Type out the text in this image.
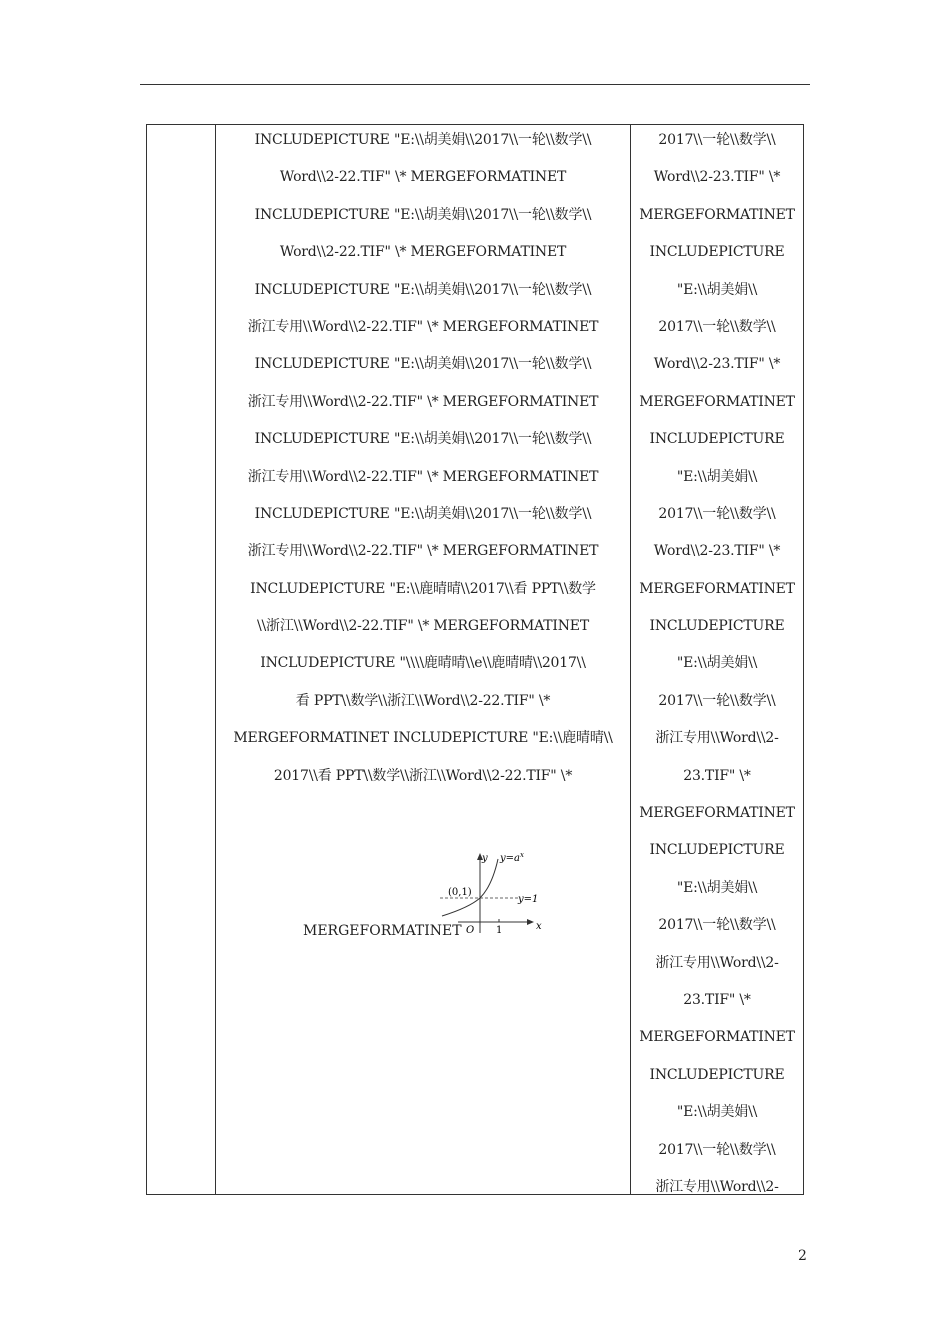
INCLUDEPICTURE "E:\\胡美娟\\2017\\一轮\\数学\\
Word\\2-22.TIF" \* MERGEFORMATINET
INCLUDEPICTURE "E:\\胡美娟\\2017\\一轮\\数学\\
Word\\2-22.TIF" \* MERGEFORMATINET
INCLUDEPICTURE "E:\\胡美娟\\2017\\一轮\\数学\\
浙江专用\\Word\\2-22.TIF" \* MERGEFORMATINET
INCLUDEPICTURE "E:\\胡美娟\\2017\\一轮\\数学\\
浙江专用\\Word\\2-22.TIF" \* MERGEFORMATINET
INCLUDEPICTURE "E:\\胡美娟\\2017\\一轮\\数学\\
浙江专用\\Word\\2-22.TIF" \* MERGEFORMATINET
INCLUDEPICTURE "E:\\胡美娟\\2017\\一轮\\数学\\
浙江专用\\Word\\2-22.TIF" \* MERGEFORMATINET
INCLUDEPICTURE "E:\\鹿晴晴\\2017\\看 PPT\\数学
\\浙江\\Word\\2-22.TIF" \* MERGEFORMATINET
INCLUDEPICTURE "\\\\鹿晴晴\\e\\鹿晴晴\\2017\\
看 PPT\\数学\\浙江\\Word\\2-22.TIF" \*
MERGEFORMATINET INCLUDEPICTURE "E:\\鹿晴晴\\
2017\\看 PPT\\数学\\浙江\\Word\\2-22.TIF" \*
MERGEFORMATINET
y $y=a^x$
(0,1)
y=1
O 1	x
2017\\一轮\\数学\\
Word\\2-23.TIF" \*
MERGEFORMATINET
INCLUDEPICTURE
"E:\\胡美娟\\
2017\\一轮\\数学\\
Word\\2-23.TIF" \*
MERGEFORMATINET
INCLUDEPICTURE
"E:\\胡美娟\\
2017\\一轮\\数学\\
Word\\2-23.TIF" \*
MERGEFORMATINET
INCLUDEPICTURE
"E:\\胡美娟\\
2017\\一轮\\数学\\
浙江专用\\Word\\2-
23.TIF" \*
MERGEFORMATINET
INCLUDEPICTURE
"E:\\胡美娟\\
2017\\一轮\\数学\\
浙江专用\\Word\\2-
23.TIF" \*
MERGEFORMATINET
INCLUDEPICTURE
"E:\\胡美娟\\
2017\\一轮\\数学\\
浙江专用\\Word\\2-
2
